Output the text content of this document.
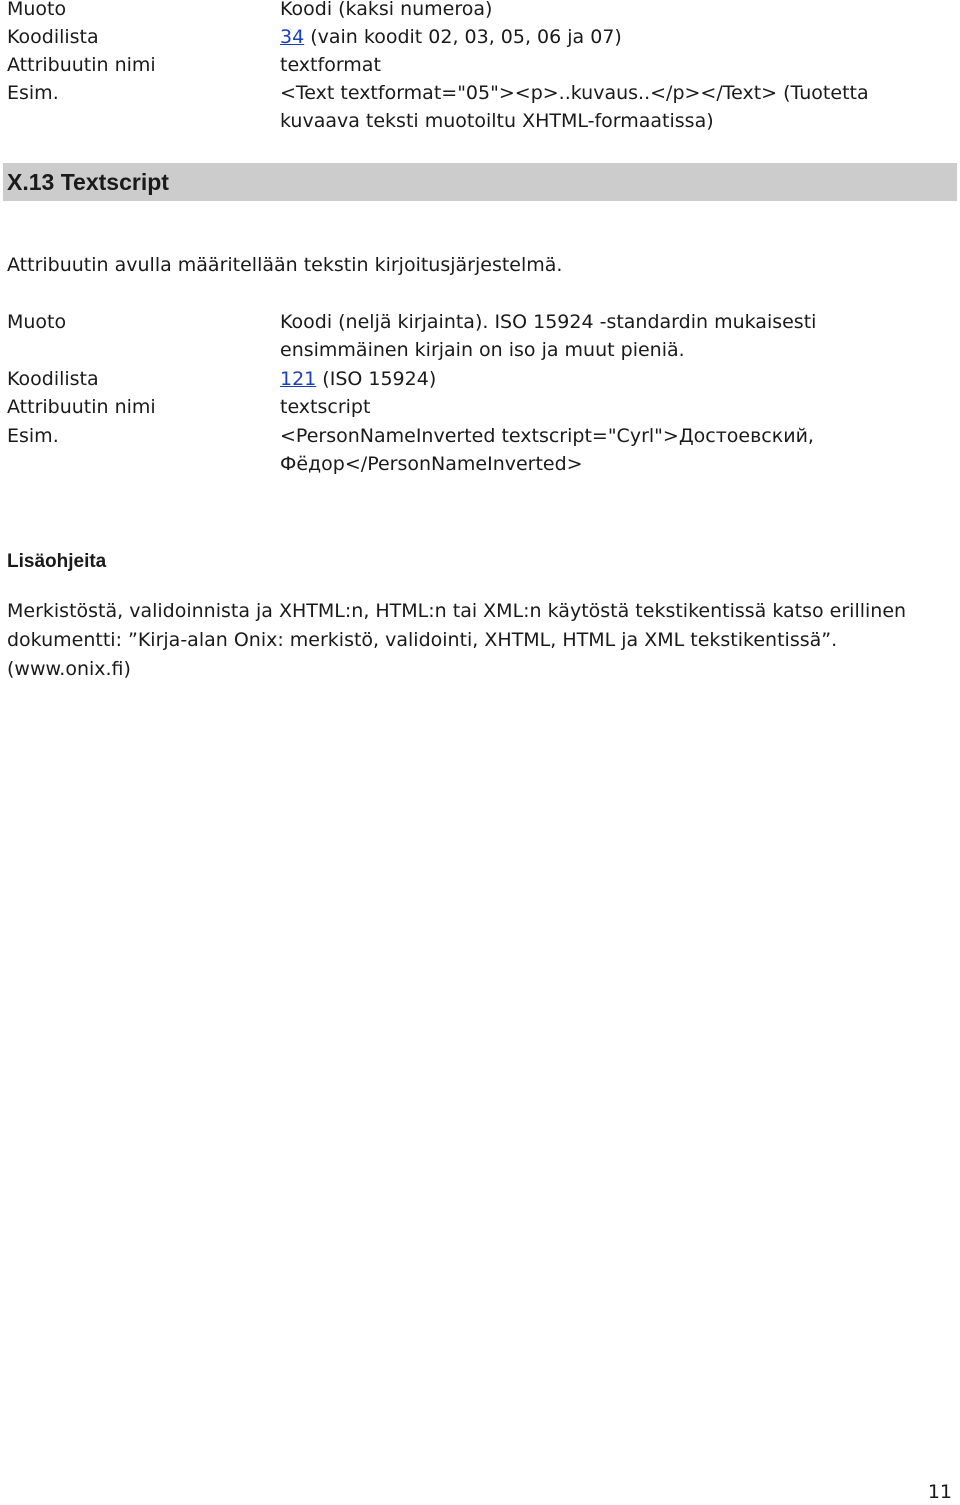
Muoto	Koodi (kaksi numeroa)
Koodilista	34 (vain koodit 02, 03, 05, 06 ja 07)
Attribuutin nimi	textformat
Esim.	<Text textformat="05"><p>..kuvaus..</p></Text> (Tuotetta kuvaava teksti muotoiltu XHTML-formaatissa)
X.13 Textscript
Attribuutin avulla määritellään tekstin kirjoitusjärjestelmä.
Muoto	Koodi (neljä kirjainta). ISO 15924 -standardin mukaisesti ensimmäinen kirjain on iso ja muut pieniä.
Koodilista	121 (ISO 15924)
Attribuutin nimi	textscript
Esim.	<PersonNameInverted textscript="Cyrl">Достоевский, Фёдор</PersonNameInverted>
Lisäohjeita
Merkistöstä, validoinnista ja XHTML:n, HTML:n tai XML:n käytöstä tekstikentissä katso erillinen dokumentti: ”Kirja-alan Onix: merkistö, validointi, XHTML, HTML ja XML tekstikentissä”. (www.onix.fi)
11
